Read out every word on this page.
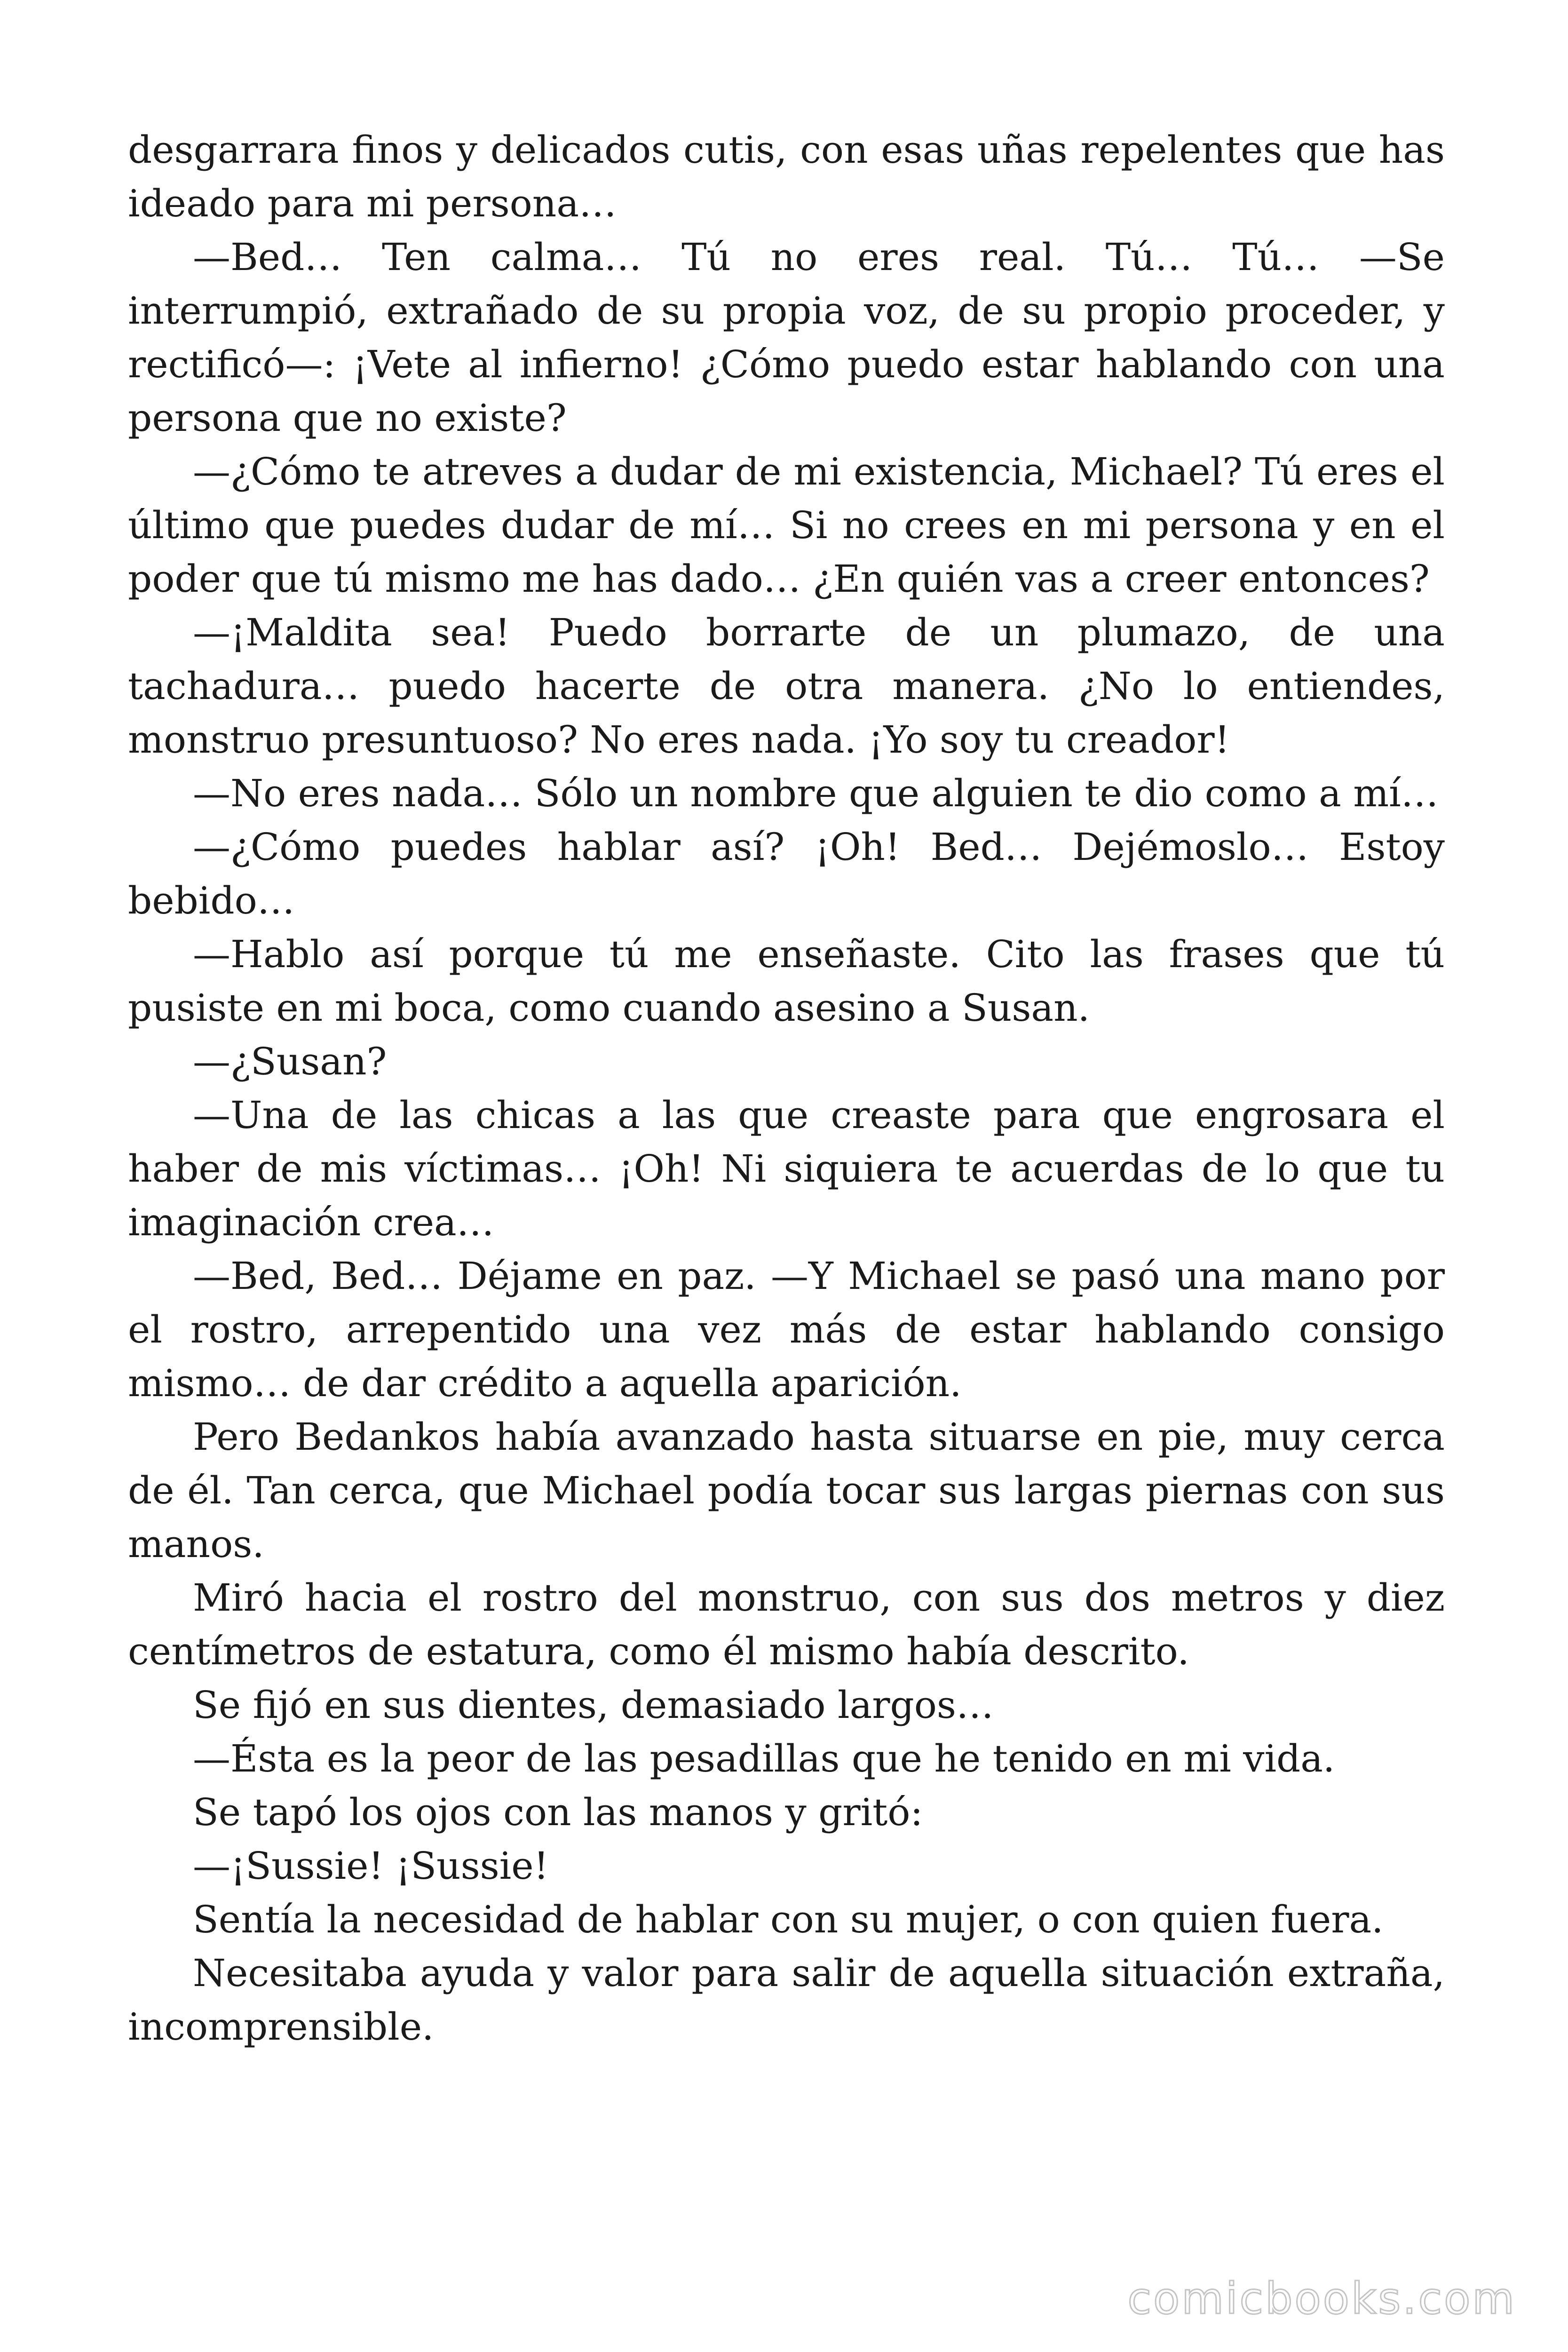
desgarrara finos y delicados cutis, con esas uñas repelentes que has ideado para mi persona…

—Bed… Ten calma… Tú no eres real. Tú… Tú… —Se interrumpió, extrañado de su propia voz, de su propio proceder, y rectificó—: ¡Vete al infierno! ¿Cómo puedo estar hablando con una persona que no existe?

—¿Cómo te atreves a dudar de mi existencia, Michael? Tú eres el último que puedes dudar de mí… Si no crees en mi persona y en el poder que tú mismo me has dado… ¿En quién vas a creer entonces?

—¡Maldita sea! Puedo borrarte de un plumazo, de una tachadura… puedo hacerte de otra manera. ¿No lo entiendes, monstruo presuntuoso? No eres nada. ¡Yo soy tu creador!

—No eres nada… Sólo un nombre que alguien te dio como a mí…

—¿Cómo puedes hablar así? ¡Oh! Bed… Dejémoslo… Estoy bebido…

—Hablo así porque tú me enseñaste. Cito las frases que tú pusiste en mi boca, como cuando asesino a Susan.

—¿Susan?

—Una de las chicas a las que creaste para que engrosara el haber de mis víctimas… ¡Oh! Ni siquiera te acuerdas de lo que tu imaginación crea…

—Bed, Bed… Déjame en paz. —Y Michael se pasó una mano por el rostro, arrepentido una vez más de estar hablando consigo mismo… de dar crédito a aquella aparición.

Pero Bedankos había avanzado hasta situarse en pie, muy cerca de él. Tan cerca, que Michael podía tocar sus largas piernas con sus manos.

Miró hacia el rostro del monstruo, con sus dos metros y diez centímetros de estatura, como él mismo había descrito.

Se fijó en sus dientes, demasiado largos…

—Ésta es la peor de las pesadillas que he tenido en mi vida.

Se tapó los ojos con las manos y gritó:

—¡Sussie! ¡Sussie!

Sentía la necesidad de hablar con su mujer, o con quien fuera.

Necesitaba ayuda y valor para salir de aquella situación extraña, incomprensible.

comicbooks.com
